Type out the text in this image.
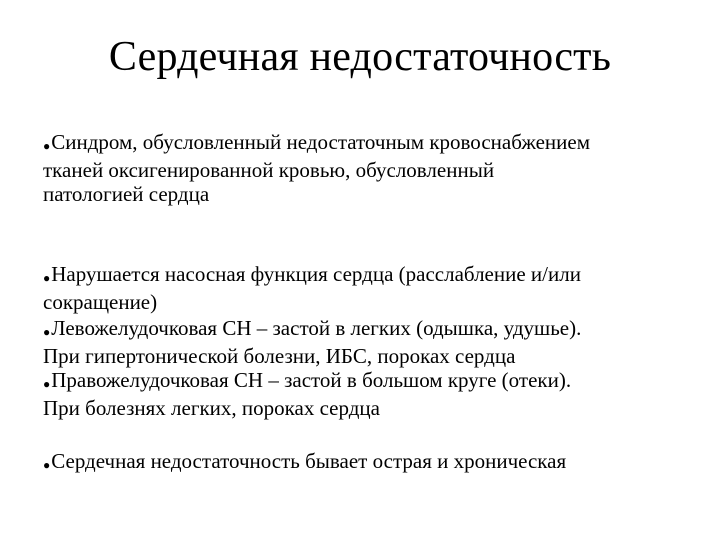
Сердечная недостаточность
●Синдром, обусловленный недостаточным кровоснабжением
тканей оксигенированной кровью, обусловленный
патологией сердца
●Нарушается насосная функция сердца (расслабление и/или
сокращение)
●Левожелудочковая СН – застой в легких (одышка, удушье).
При гипертонической болезни, ИБС, пороках сердца
●Правожелудочковая СН – застой в большом круге (отеки).
При болезнях легких, пороках сердца
●Сердечная недостаточность бывает острая и хроническая
